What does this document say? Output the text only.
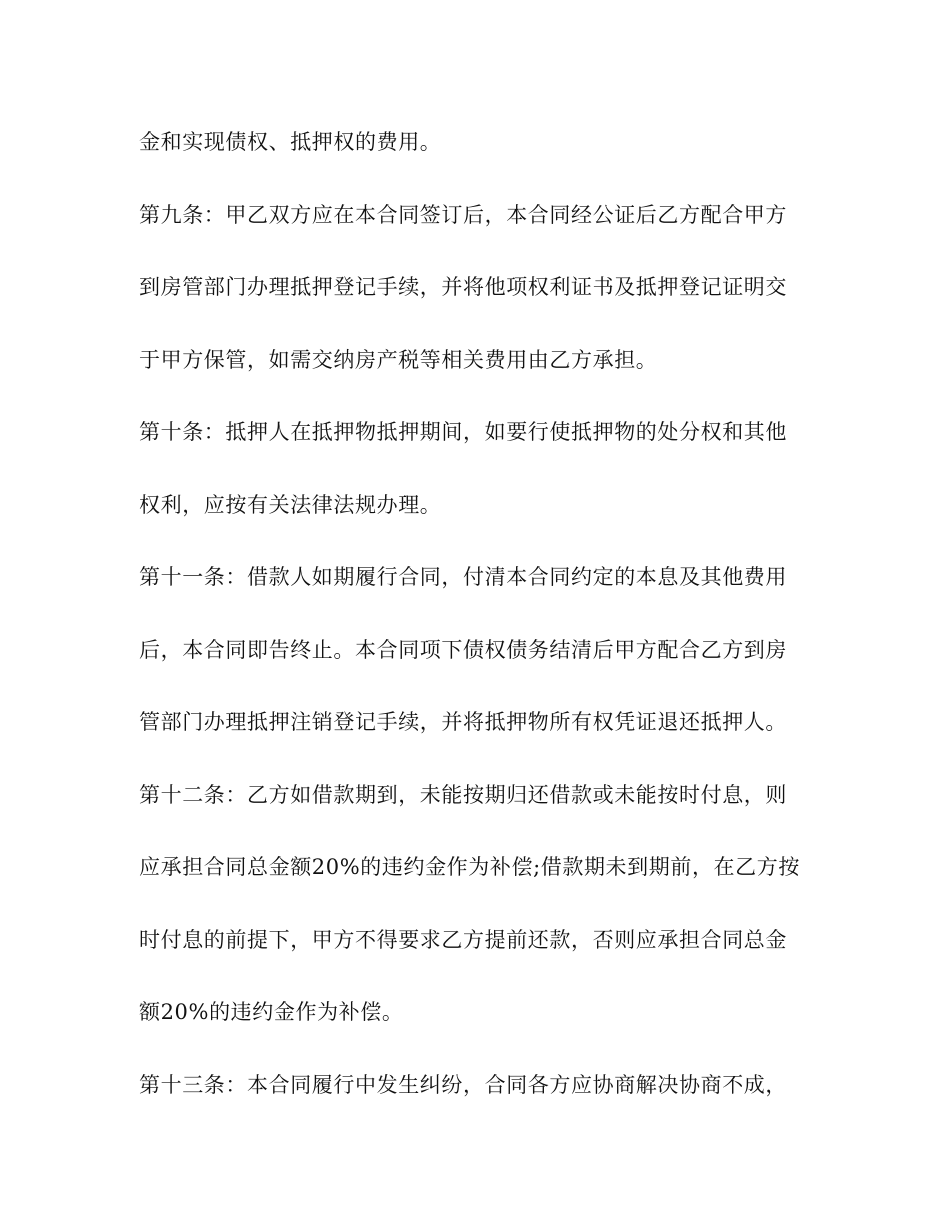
金和实现债权、抵押权的费用。
第九条：甲乙双方应在本合同签订后，本合同经公证后乙方配合甲方
到房管部门办理抵押登记手续，并将他项权利证书及抵押登记证明交
于甲方保管，如需交纳房产税等相关费用由乙方承担。
第十条：抵押人在抵押物抵押期间，如要行使抵押物的处分权和其他
权利，应按有关法律法规办理。
第十一条：借款人如期履行合同，付清本合同约定的本息及其他费用
后，本合同即告终止。本合同项下债权债务结清后甲方配合乙方到房
管部门办理抵押注销登记手续，并将抵押物所有权凭证退还抵押人。
第十二条：乙方如借款期到，未能按期归还借款或未能按时付息，则
应承担合同总金额20%的违约金作为补偿;借款期未到期前，在乙方按
时付息的前提下，甲方不得要求乙方提前还款，否则应承担合同总金
额20%的违约金作为补偿。
第十三条：本合同履行中发生纠纷，合同各方应协商解决协商不成，
